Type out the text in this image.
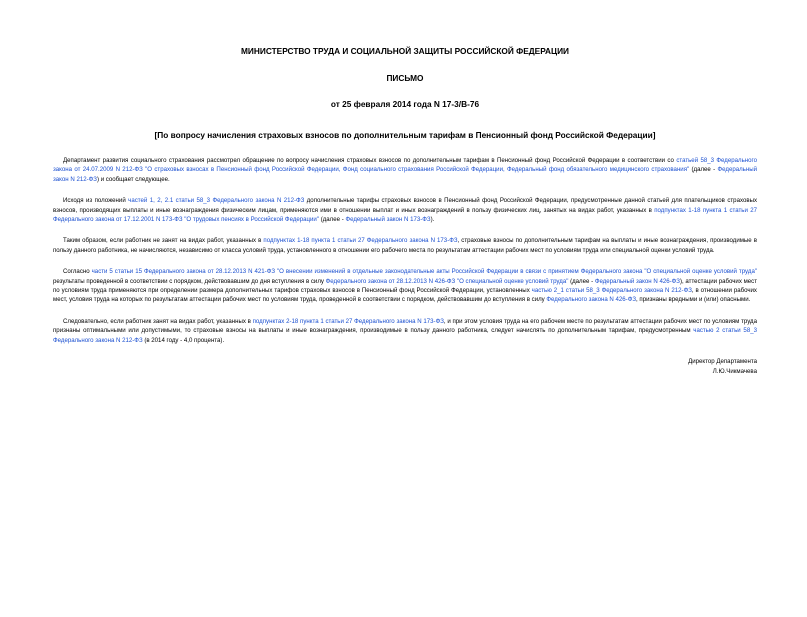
МИНИСТЕРСТВО ТРУДА И СОЦИАЛЬНОЙ ЗАЩИТЫ РОССИЙСКОЙ ФЕДЕРАЦИИ
ПИСЬМО
от 25 февраля 2014 года N 17-3/В-76
[По вопросу начисления страховых взносов по дополнительным тарифам в Пенсионный фонд Российской Федерации]

Департамент развития социального страхования рассмотрел обращение по вопросу начисления страховых взносов по дополнительным тарифам в Пенсионный фонд Российской Федерации в соответствии со статьей 58_3 Федерального закона от 24.07.2009 N 212-ФЗ "О страховых взносах в Пенсионный фонд Российской Федерации, Фонд социального страхования Российской Федерации, Федеральный фонд обязательного медицинского страхования" (далее - Федеральный закон N 212-ФЗ) и сообщает следующее.

Исходя из положений частей 1, 2, 2.1 статьи 58_3 Федерального закона N 212-ФЗ дополнительные тарифы страховых взносов в Пенсионный фонд Российской Федерации, предусмотренные данной статьей для плательщиков страховых взносов, производящих выплаты и иные вознаграждения физическим лицам, применяются ими в отношении выплат и иных вознаграждений в пользу физических лиц, занятых на видах работ, указанных в подпунктах 1-18 пункта 1 статьи 27 Федерального закона от 17.12.2001 N 173-ФЗ "О трудовых пенсиях в Российской Федерации" (далее - Федеральный закон N 173-ФЗ).

Таким образом, если работник не занят на видах работ, указанных в подпунктах 1-18 пункта 1 статьи 27 Федерального закона N 173-ФЗ, страховые взносы по дополнительным тарифам на выплаты и иные вознаграждения, производимые в пользу данного работника, не начисляются, независимо от класса условий труда, установленного в отношении его рабочего места по результатам аттестации рабочих мест по условиям труда или специальной оценки условий труда.

Согласно части 5 статьи 15 Федерального закона от 28.12.2013 N 421-ФЗ "О внесении изменений в отдельные законодательные акты Российской Федерации в связи с принятием Федерального закона "О специальной оценке условий труда" результаты проведенной в соответствии с порядком, действовавшим до дня вступления в силу Федерального закона от 28.12.2013 N 426-ФЗ "О специальной оценке условий труда" (далее - Федеральный закон N 426-ФЗ), аттестации рабочих мест по условиям труда применяются при определении размера дополнительных тарифов страховых взносов в Пенсионный фонд Российской Федерации, установленных частью 2_1 статьи 58_3 Федерального закона N 212-ФЗ, в отношении рабочих мест, условия труда на которых по результатам аттестации рабочих мест по условиям труда, проведенной в соответствии с порядком, действовавшим до вступления в силу Федерального закона N 426-ФЗ, признаны вредными и (или) опасными.

Следовательно, если работник занят на видах работ, указанных в подпунктах 2-18 пункта 1 статьи 27 Федерального закона N 173-ФЗ, и при этом условия труда на его рабочем месте по результатам аттестации рабочих мест по условиям труда признаны оптимальными или допустимыми, то страховые взносы на выплаты и иные вознаграждения, производимые в пользу данного работника, следует начислять по дополнительным тарифам, предусмотренным частью 2 статьи 58_3 Федерального закона N 212-ФЗ (в 2014 году - 4,0 процента).

Директор Департамента
Л.Ю.Чикмачева
